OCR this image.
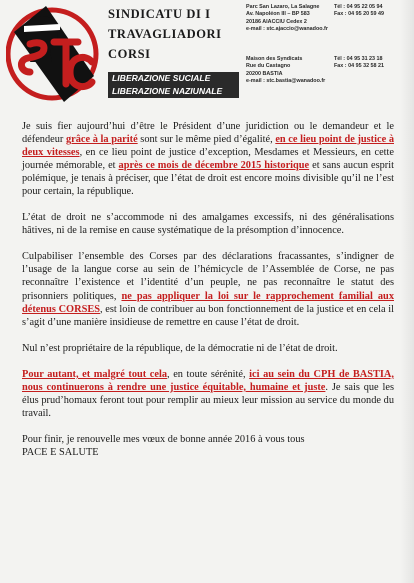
SINDICATU DI I
TRAVAGLIADORI
CORSI
LIBERAZIONE SUCIALE
LIBERAZIONE NAZIUNALE
Parc San Lazaro, La Salagne	Tél : 04 95 22 05 94
Av. Napoléon III – BP 583	Fax : 04 95 20 59 49
20186 AIACCIU Cedex 2
e-mail : stc.ajaccio@wanadoo.fr
Maison des Syndicats	Tél : 04 95 31 23 18
Rue du Castagno	Fax : 04 95 32 58 21
20200 BASTIA
e-mail : stc.bastia@wanadoo.fr

Je suis fier aujourd’hui d’être le Président d’une juridiction ou le demandeur et le défendeur grâce à la parité sont sur le même pied d’égalité, en ce lieu point de justice à deux vitesses, en ce lieu point de justice d’exception, Mesdames et Messieurs, en cette journée mémorable, et après ce mois de décembre 2015 historique et sans aucun esprit polémique, je tenais à préciser, que l’état de droit est encore moins divisible qu’il ne l’est pour certain, la république.

L’état de droit ne s’accommode ni des amalgames excessifs, ni des généralisations hâtives, ni de la remise en cause systématique de la présomption d’innocence.

Culpabiliser l’ensemble des Corses par des déclarations fracassantes, s’indigner de l’usage de la langue corse au sein de l’hémicycle de l’Assemblée de Corse, ne pas reconnaître l’existence et l’identité d’un peuple, ne pas reconnaître le statut des prisonniers politiques, ne pas appliquer la loi sur le rapprochement familial aux détenus CORSES, est loin de contribuer au bon fonctionnement de la justice et en cela il s’agit d’une manière insidieuse de remettre en cause l’état de droit.

Nul n’est propriétaire de la république, de la démocratie ni de l’état de droit.

Pour autant, et malgré tout cela, en toute sérénité, ici au sein du CPH de BASTIA, nous continuerons à rendre une justice équitable, humaine et juste. Je sais que les élus prud’homaux feront tout pour remplir au mieux leur mission au service du monde du travail.

Pour finir, je renouvelle mes vœux de bonne année 2016 à vous tous
PACE E SALUTE
